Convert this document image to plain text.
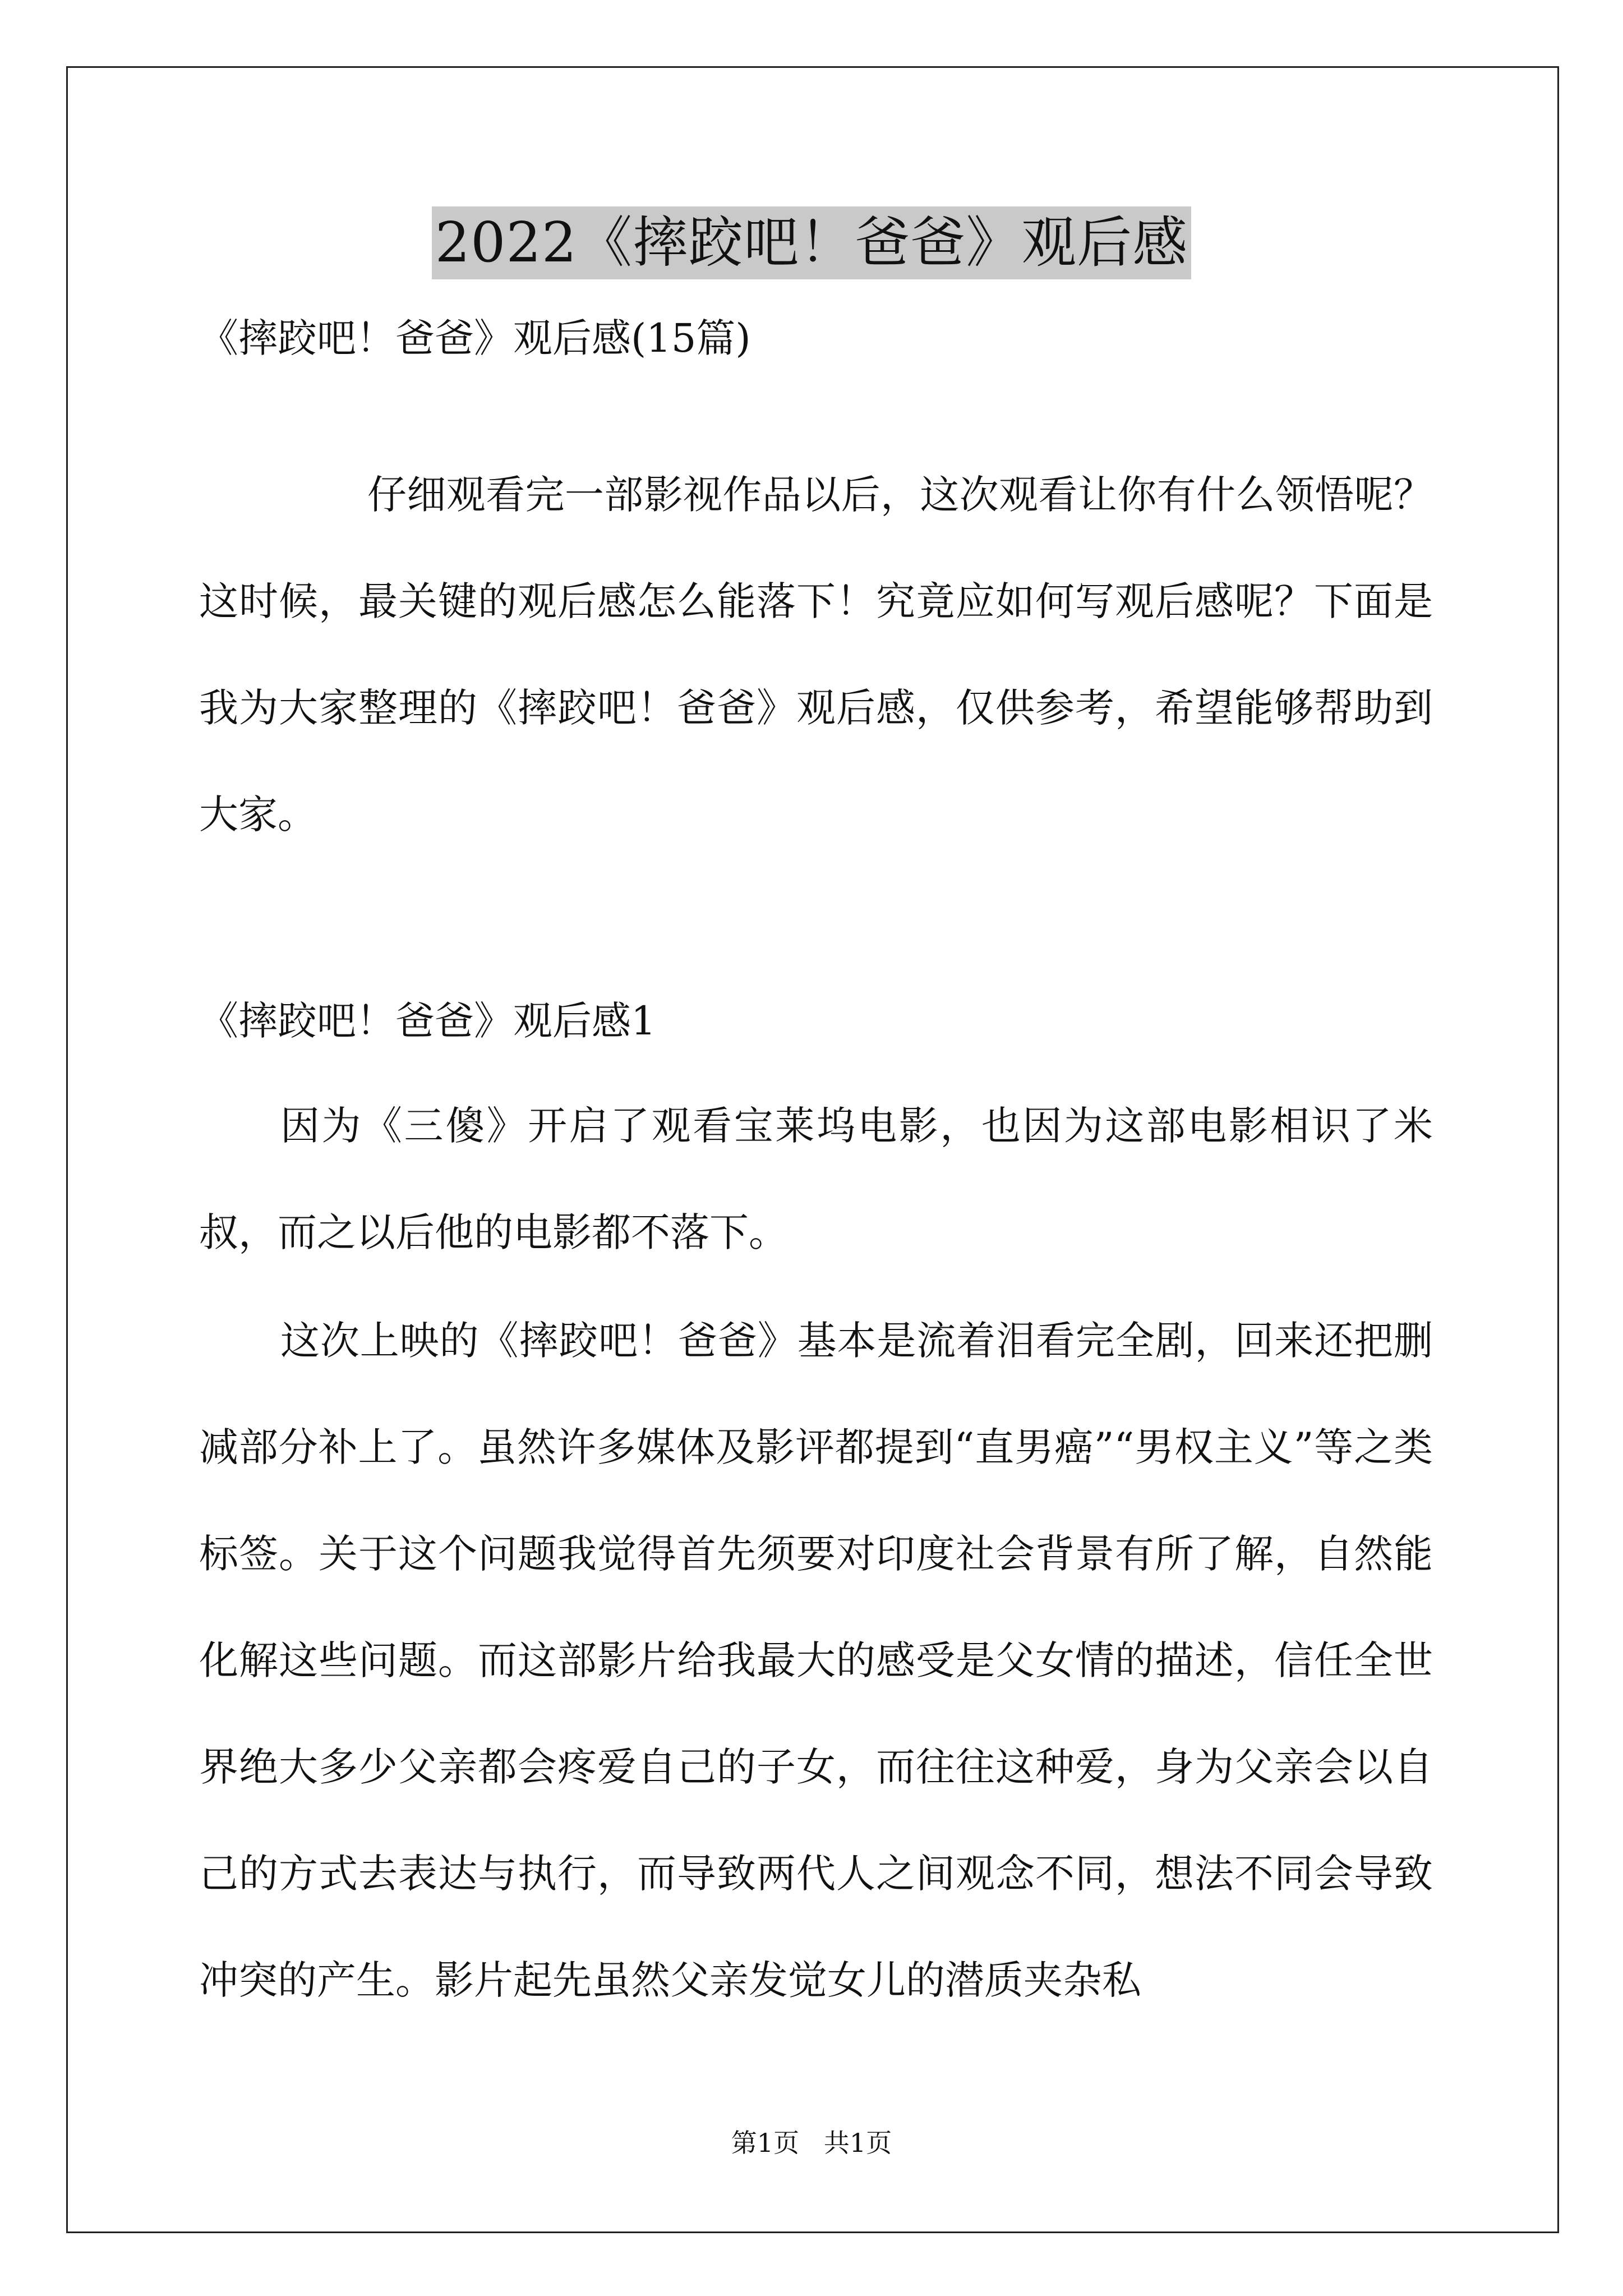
2022《摔跤吧！爸爸》观后感

《摔跤吧！爸爸》观后感(15篇)

仔细观看完一部影视作品以后，这次观看让你有什么领悟呢？这时候，最关键的观后感怎么能落下！究竟应如何写观后感呢？下面是我为大家整理的《摔跤吧！爸爸》观后感，仅供参考，希望能够帮助到大家。

《摔跤吧！爸爸》观后感1

因为《三傻》开启了观看宝莱坞电影，也因为这部电影相识了米叔，而之以后他的电影都不落下。

这次上映的《摔跤吧！爸爸》基本是流着泪看完全剧，回来还把删减部分补上了。虽然许多媒体及影评都提到“直男癌”“男权主义”等之类标签。关于这个问题我觉得首先须要对印度社会背景有所了解，自然能化解这些问题。而这部影片给我最大的感受是父女情的描述，信任全世界绝大多少父亲都会疼爱自己的子女，而往往这种爱，身为父亲会以自己的方式去表达与执行，而导致两代人之间观念不同，想法不同会导致冲突的产生。影片起先虽然父亲发觉女儿的潜质夹杂私

第1页   共1页
